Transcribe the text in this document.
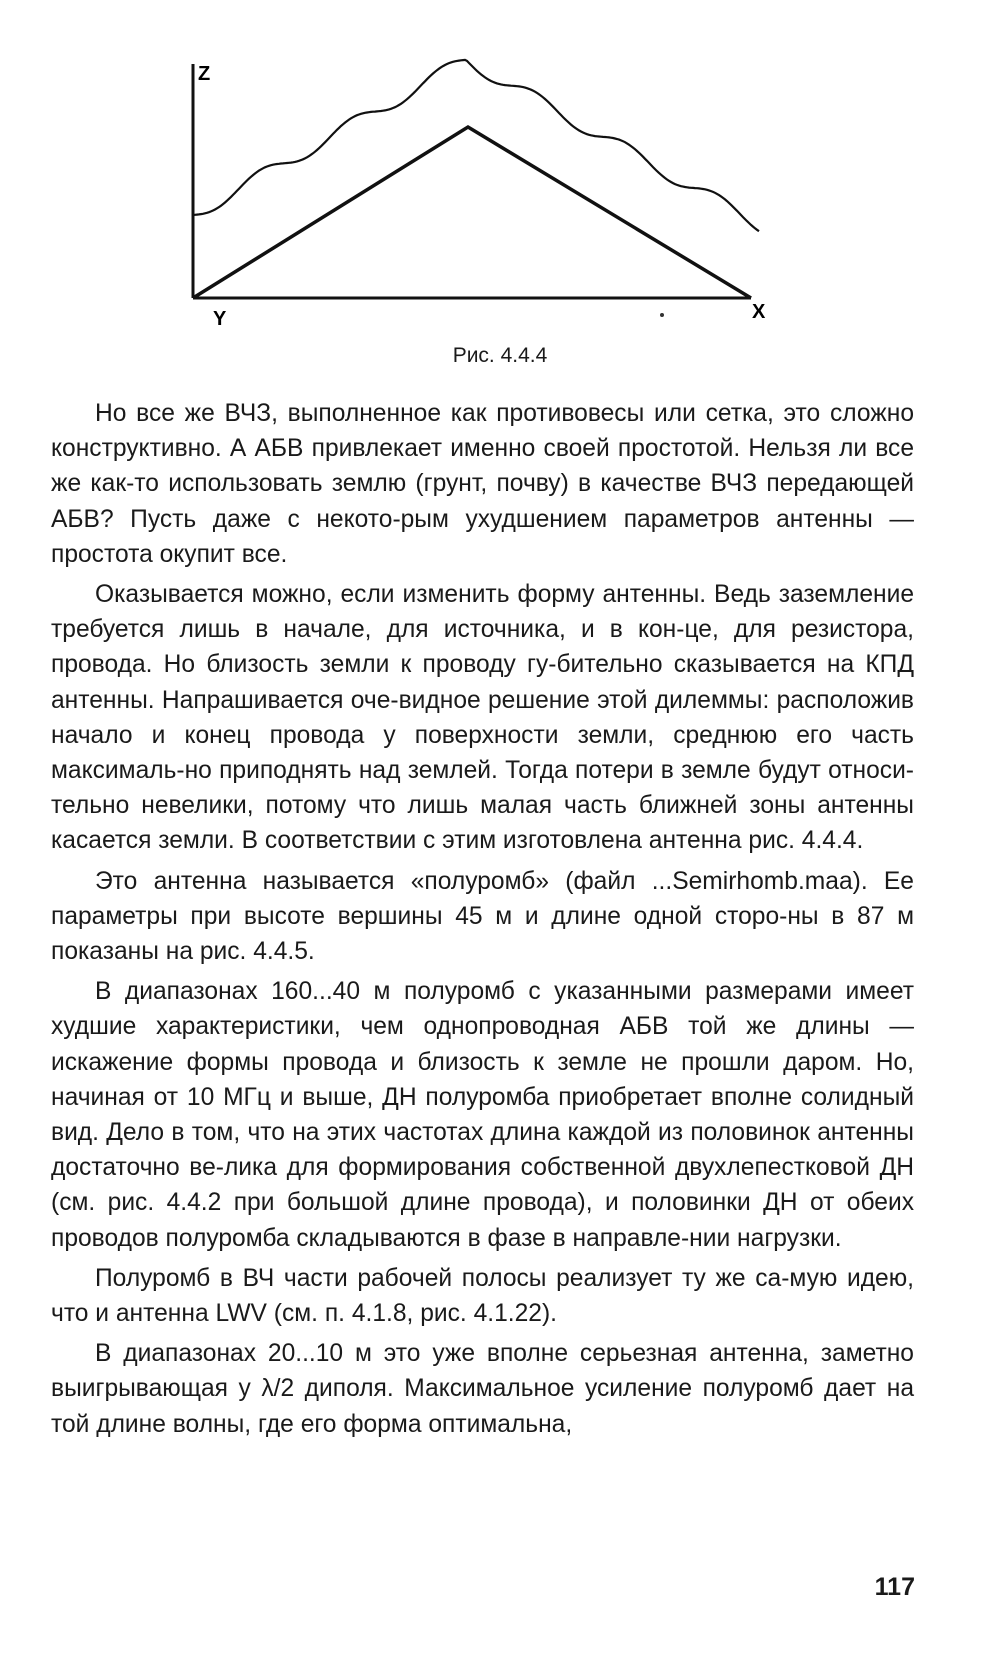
Z
Y	X
Рис. 4.4.4

Но все же ВЧЗ, выполненное как противовесы или сетка, это сложно конструктивно. А АБВ привлекает именно своей простотой. Нельзя ли все же как-то использовать землю (грунт, почву) в качестве ВЧЗ передающей АБВ? Пусть даже с некото-рым ухудшением параметров антенны — простота окупит все.

Оказывается можно, если изменить форму антенны. Ведь заземление требуется лишь в начале, для источника, и в кон-це, для резистора, провода. Но близость земли к проводу гу-бительно сказывается на КПД антенны. Напрашивается оче-видное решение этой дилеммы: расположив начало и конец провода у поверхности земли, среднюю его часть максималь-но приподнять над землей. Тогда потери в земле будут относи-тельно невелики, потому что лишь малая часть ближней зоны антенны касается земли. В соответствии с этим изготовлена антенна рис. 4.4.4.

Это антенна называется «полуромб» (файл ...Semirhomb.maa). Ее параметры при высоте вершины 45 м и длине одной сторо-ны в 87 м показаны на рис. 4.4.5.

В диапазонах 160...40 м полуромб с указанными размерами имеет худшие характеристики, чем однопроводная АБВ той же длины — искажение формы провода и близость к земле не прошли даром. Но, начиная от 10 МГц и выше, ДН полуромба приобретает вполне солидный вид. Дело в том, что на этих частотах длина каждой из половинок антенны достаточно ве-лика для формирования собственной двухлепестковой ДН (см. рис. 4.4.2 при большой длине провода), и половинки ДН от обеих проводов полуромба складываются в фазе в направле-нии нагрузки.

Полуромб в ВЧ части рабочей полосы реализует ту же са-мую идею, что и антенна LWV (см. п. 4.1.8, рис. 4.1.22).

В диапазонах 20...10 м это уже вполне серьезная антенна, заметно выигрывающая у λ/2 диполя. Максимальное усиление полуромб дает на той длине волны, где его форма оптимальна,

117
